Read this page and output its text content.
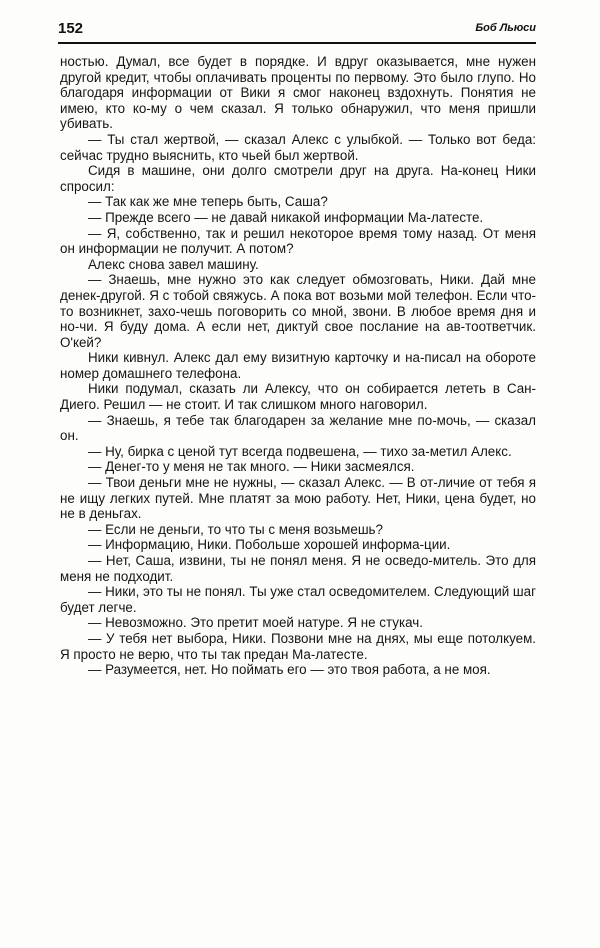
152	Боб Льюси

ностью. Думал, все будет в порядке. И вдруг оказывается, мне нужен другой кредит, чтобы оплачивать проценты по первому. Это было глупо. Но благодаря информации от Вики я смог наконец вздохнуть. Понятия не имею, кто ко-му о чем сказал. Я только обнаружил, что меня пришли убивать.

— Ты стал жертвой, — сказал Алекс с улыбкой. — Только вот беда: сейчас трудно выяснить, кто чьей был жертвой.

Сидя в машине, они долго смотрели друг на друга. На-конец Ники спросил:

— Так как же мне теперь быть, Саша?

— Прежде всего — не давай никакой информации Ма-латесте.

— Я, собственно, так и решил некоторое время тому назад. От меня он информации не получит. А потом?

Алекс снова завел машину.

— Знаешь, мне нужно это как следует обмозговать, Ники. Дай мне денек-другой. Я с тобой свяжусь. А пока вот возьми мой телефон. Если что-то возникнет, захо-чешь поговорить со мной, звони. В любое время дня и но-чи. Я буду дома. А если нет, диктуй свое послание на ав-тоответчик. О'кей?

Ники кивнул. Алекс дал ему визитную карточку и на-писал на обороте номер домашнего телефона.

Ники подумал, сказать ли Алексу, что он собирается лететь в Сан-Диего. Решил — не стоит. И так слишком много наговорил.

— Знаешь, я тебе так благодарен за желание мне по-мочь, — сказал он.

— Ну, бирка с ценой тут всегда подвешена, — тихо за-метил Алекс.

— Денег-то у меня не так много. — Ники засмеялся.

— Твои деньги мне не нужны, — сказал Алекс. — В от-личие от тебя я не ищу легких путей. Мне платят за мою работу. Нет, Ники, цена будет, но не в деньгах.

— Если не деньги, то что ты с меня возьмешь?

— Информацию, Ники. Побольше хорошей информа-ции.

— Нет, Саша, извини, ты не понял меня. Я не осведо-митель. Это для меня не подходит.

— Ники, это ты не понял. Ты уже стал осведомителем. Следующий шаг будет легче.

— Невозможно. Это претит моей натуре. Я не стукач.

— У тебя нет выбора, Ники. Позвони мне на днях, мы еще потолкуем. Я просто не верю, что ты так предан Ма-латесте.

— Разумеется, нет. Но поймать его — это твоя работа, а не моя.
